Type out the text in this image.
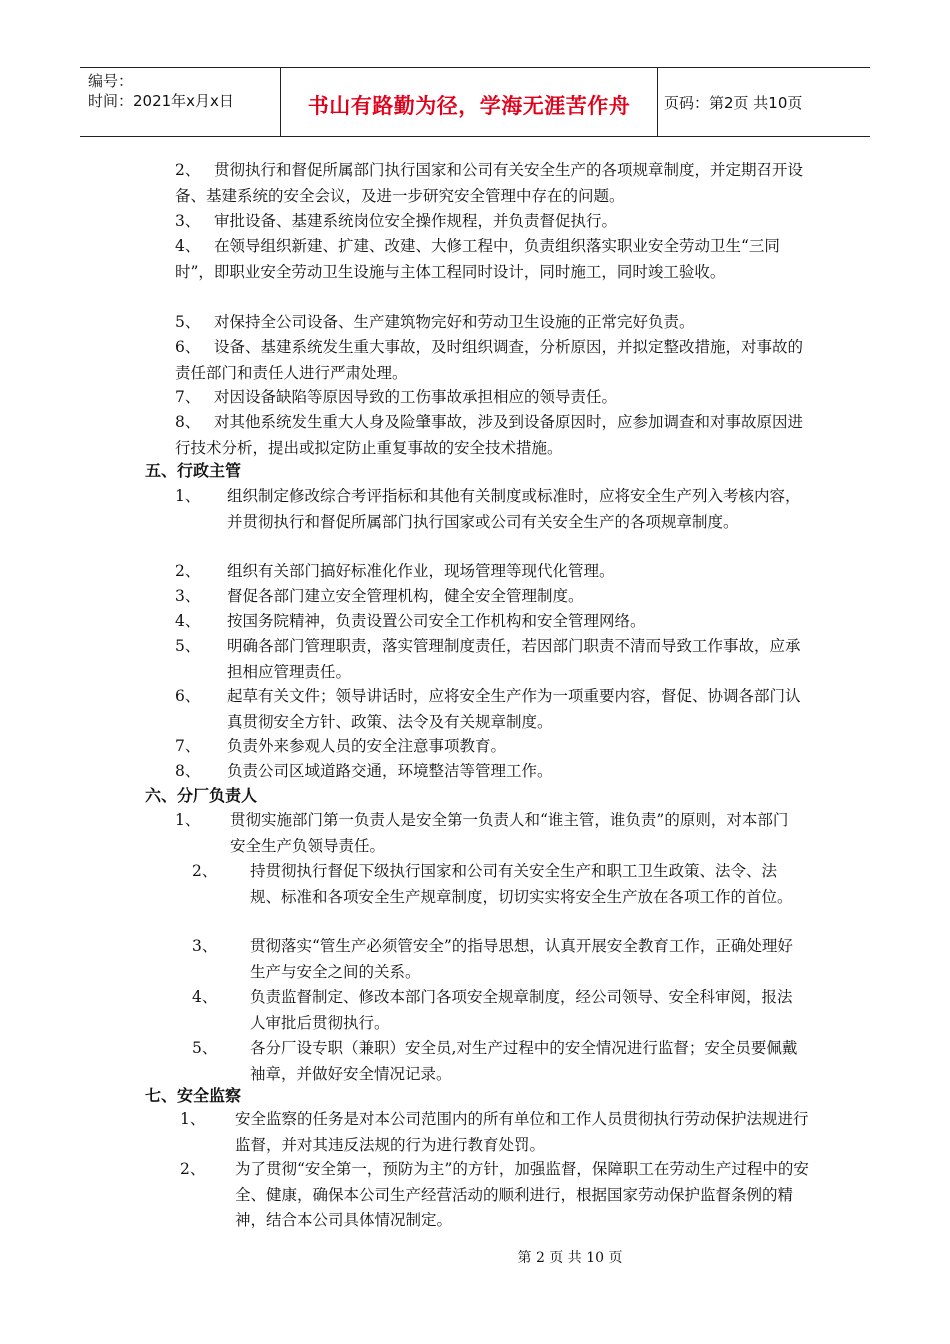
编号：
时间：2021年x月x日	书山有路勤为径，学海无涯苦作舟 页码：第2页 共10页
2、 贯彻执行和督促所属部门执行国家和公司有关安全生产的各项规章制度，并定期召开设备、基建系统的安全会议，及进一步研究安全管理中存在的问题。
3、 审批设备、基建系统岗位安全操作规程，并负责督促执行。
4、 在领导组织新建、扩建、改建、大修工程中，负责组织落实职业安全劳动卫生“三同时”，即职业安全劳动卫生设施与主体工程同时设计，同时施工，同时竣工验收。
5、 对保持全公司设备、生产建筑物完好和劳动卫生设施的正常完好负责。
6、 设备、基建系统发生重大事故，及时组织调查，分析原因，并拟定整改措施，对事故的责任部门和责任人进行严肃处理。
7、 对因设备缺陷等原因导致的工伤事故承担相应的领导责任。
8、 对其他系统发生重大人身及险肇事故，涉及到设备原因时，应参加调查和对事故原因进行技术分析，提出或拟定防止重复事故的安全技术措施。
五、行政主管
1、	组织制定修改综合考评指标和其他有关制度或标准时，应将安全生产列入考核内容，并贯彻执行和督促所属部门执行国家或公司有关安全生产的各项规章制度。
2、	组织有关部门搞好标准化作业，现场管理等现代化管理。
3、	督促各部门建立安全管理机构，健全安全管理制度。
4、	按国务院精神，负责设置公司安全工作机构和安全管理网络。
5、	明确各部门管理职责，落实管理制度责任，若因部门职责不清而导致工作事故，应承担相应管理责任。
6、	起草有关文件；领导讲话时，应将安全生产作为一项重要内容，督促、协调各部门认真贯彻安全方针、政策、法令及有关规章制度。
7、	负责外来参观人员的安全注意事项教育。
8、	负责公司区域道路交通，环境整洁等管理工作。
六、分厂负责人
1、	贯彻实施部门第一负责人是安全第一负责人和“谁主管，谁负责”的原则，对本部门安全生产负领导责任。
2、	持贯彻执行督促下级执行国家和公司有关安全生产和职工卫生政策、法令、法规、标准和各项安全生产规章制度，切切实实将安全生产放在各项工作的首位。
3、	贯彻落实“管生产必须管安全”的指导思想，认真开展安全教育工作，正确处理好生产与安全之间的关系。
4、	负责监督制定、修改本部门各项安全规章制度，经公司领导、安全科审阅，报法人审批后贯彻执行。
5、	各分厂设专职（兼职）安全员,对生产过程中的安全情况进行监督；安全员要佩戴袖章，并做好安全情况记录。
七、安全监察
1、	安全监察的任务是对本公司范围内的所有单位和工作人员贯彻执行劳动保护法规进行监督，并对其违反法规的行为进行教育处罚。
2、	为了贯彻“安全第一，预防为主”的方针，加强监督，保障职工在劳动生产过程中的安全、健康，确保本公司生产经营活动的顺利进行，根据国家劳动保护监督条例的精神，结合本公司具体情况制定。
第 2 页 共 10 页
